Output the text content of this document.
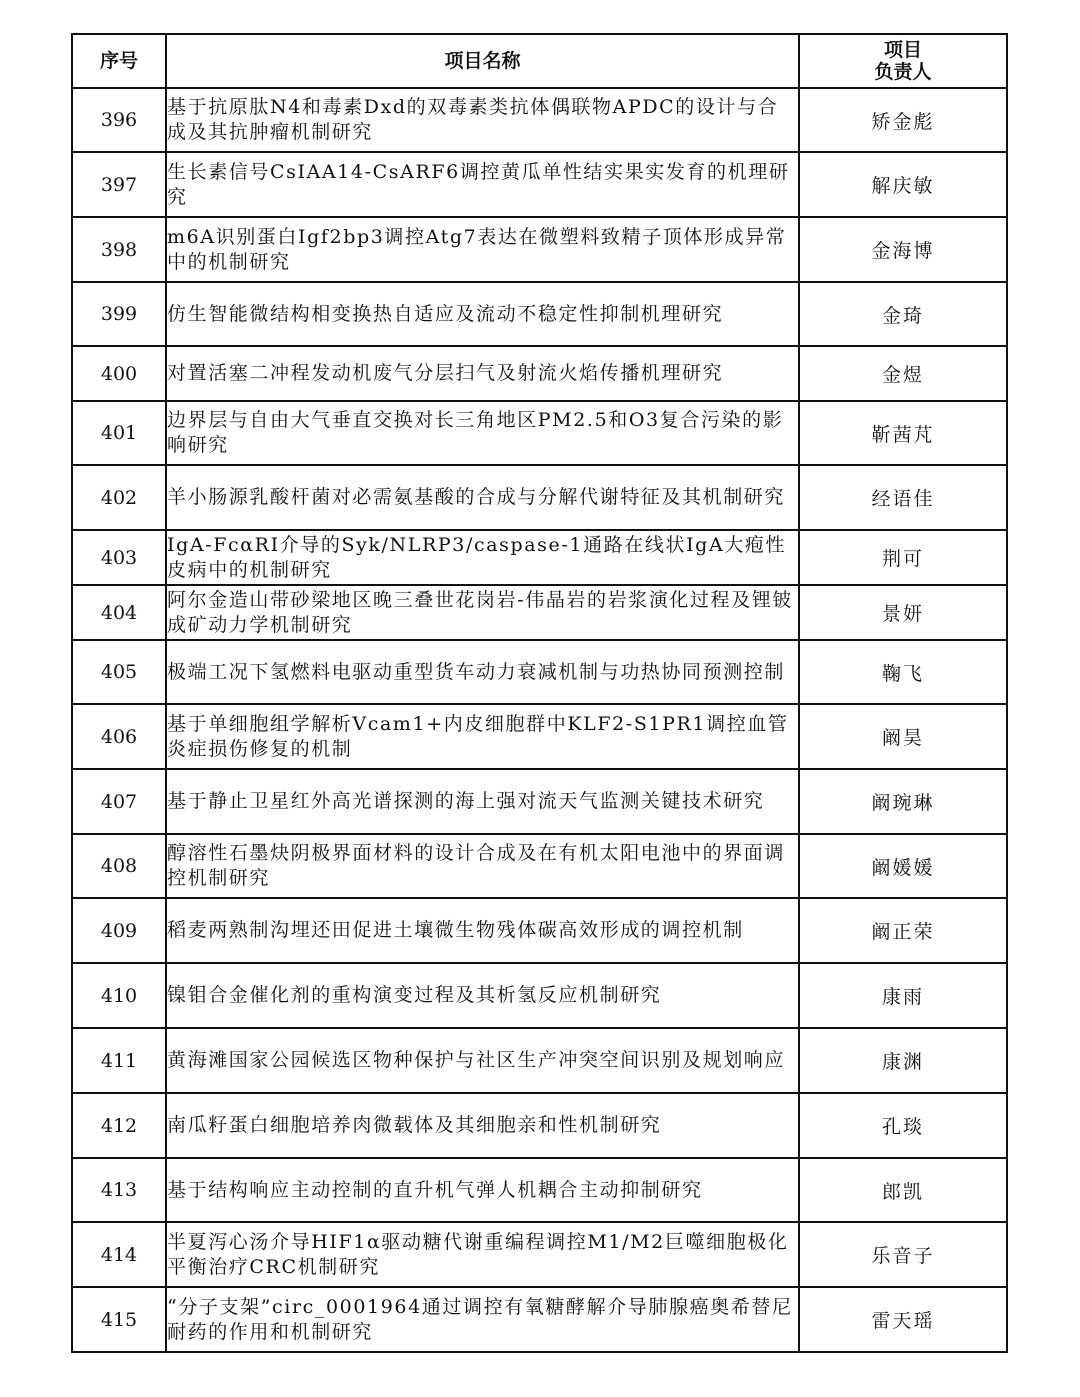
序号	项目名称	项目
负责人

396	基于抗原肽N4和毒素Dxd的双毒素类抗体偶联物APDC的设计与合成及其抗肿瘤机制研究	矫金彪
397	生长素信号CsIAA14-CsARF6调控黄瓜单性结实果实发育的机理研究	解庆敏
398	m6A识别蛋白Igf2bp3调控Atg7表达在微塑料致精子顶体形成异常中的机制研究	金海博
399	仿生智能微结构相变换热自适应及流动不稳定性抑制机理研究	金琦
400	对置活塞二冲程发动机废气分层扫气及射流火焰传播机理研究	金煜
401	边界层与自由大气垂直交换对长三角地区PM2.5和O3复合污染的影响研究	靳茜芃
402	羊小肠源乳酸杆菌对必需氨基酸的合成与分解代谢特征及其机制研究	经语佳
403	IgA-FcαRI介导的Syk/NLRP3/caspase-1通路在线状IgA大疱性皮病中的机制研究	荆可
404	阿尔金造山带砂梁地区晚三叠世花岗岩-伟晶岩的岩浆演化过程及锂铍成矿动力学机制研究	景妍
405	极端工况下氢燃料电驱动重型货车动力衰减机制与功热协同预测控制	鞠飞
406	基于单细胞组学解析Vcam1+内皮细胞群中KLF2-S1PR1调控血管炎症损伤修复的机制	阚昊
407	基于静止卫星红外高光谱探测的海上强对流天气监测关键技术研究	阚琬琳
408	醇溶性石墨炔阴极界面材料的设计合成及在有机太阳电池中的界面调控机制研究	阚媛媛
409	稻麦两熟制沟埋还田促进土壤微生物残体碳高效形成的调控机制	阚正荣
410	镍钼合金催化剂的重构演变过程及其析氢反应机制研究	康雨
411	黄海滩国家公园候选区物种保护与社区生产冲突空间识别及规划响应	康渊
412	南瓜籽蛋白细胞培养肉微载体及其细胞亲和性机制研究	孔琰
413	基于结构响应主动控制的直升机气弹人机耦合主动抑制研究	郎凯
414	半夏泻心汤介导HIF1α驱动糖代谢重编程调控M1/M2巨噬细胞极化平衡治疗CRC机制研究	乐音子
415	“分子支架”circ_0001964通过调控有氧糖酵解介导肺腺癌奥希替尼耐药的作用和机制研究	雷天瑶
